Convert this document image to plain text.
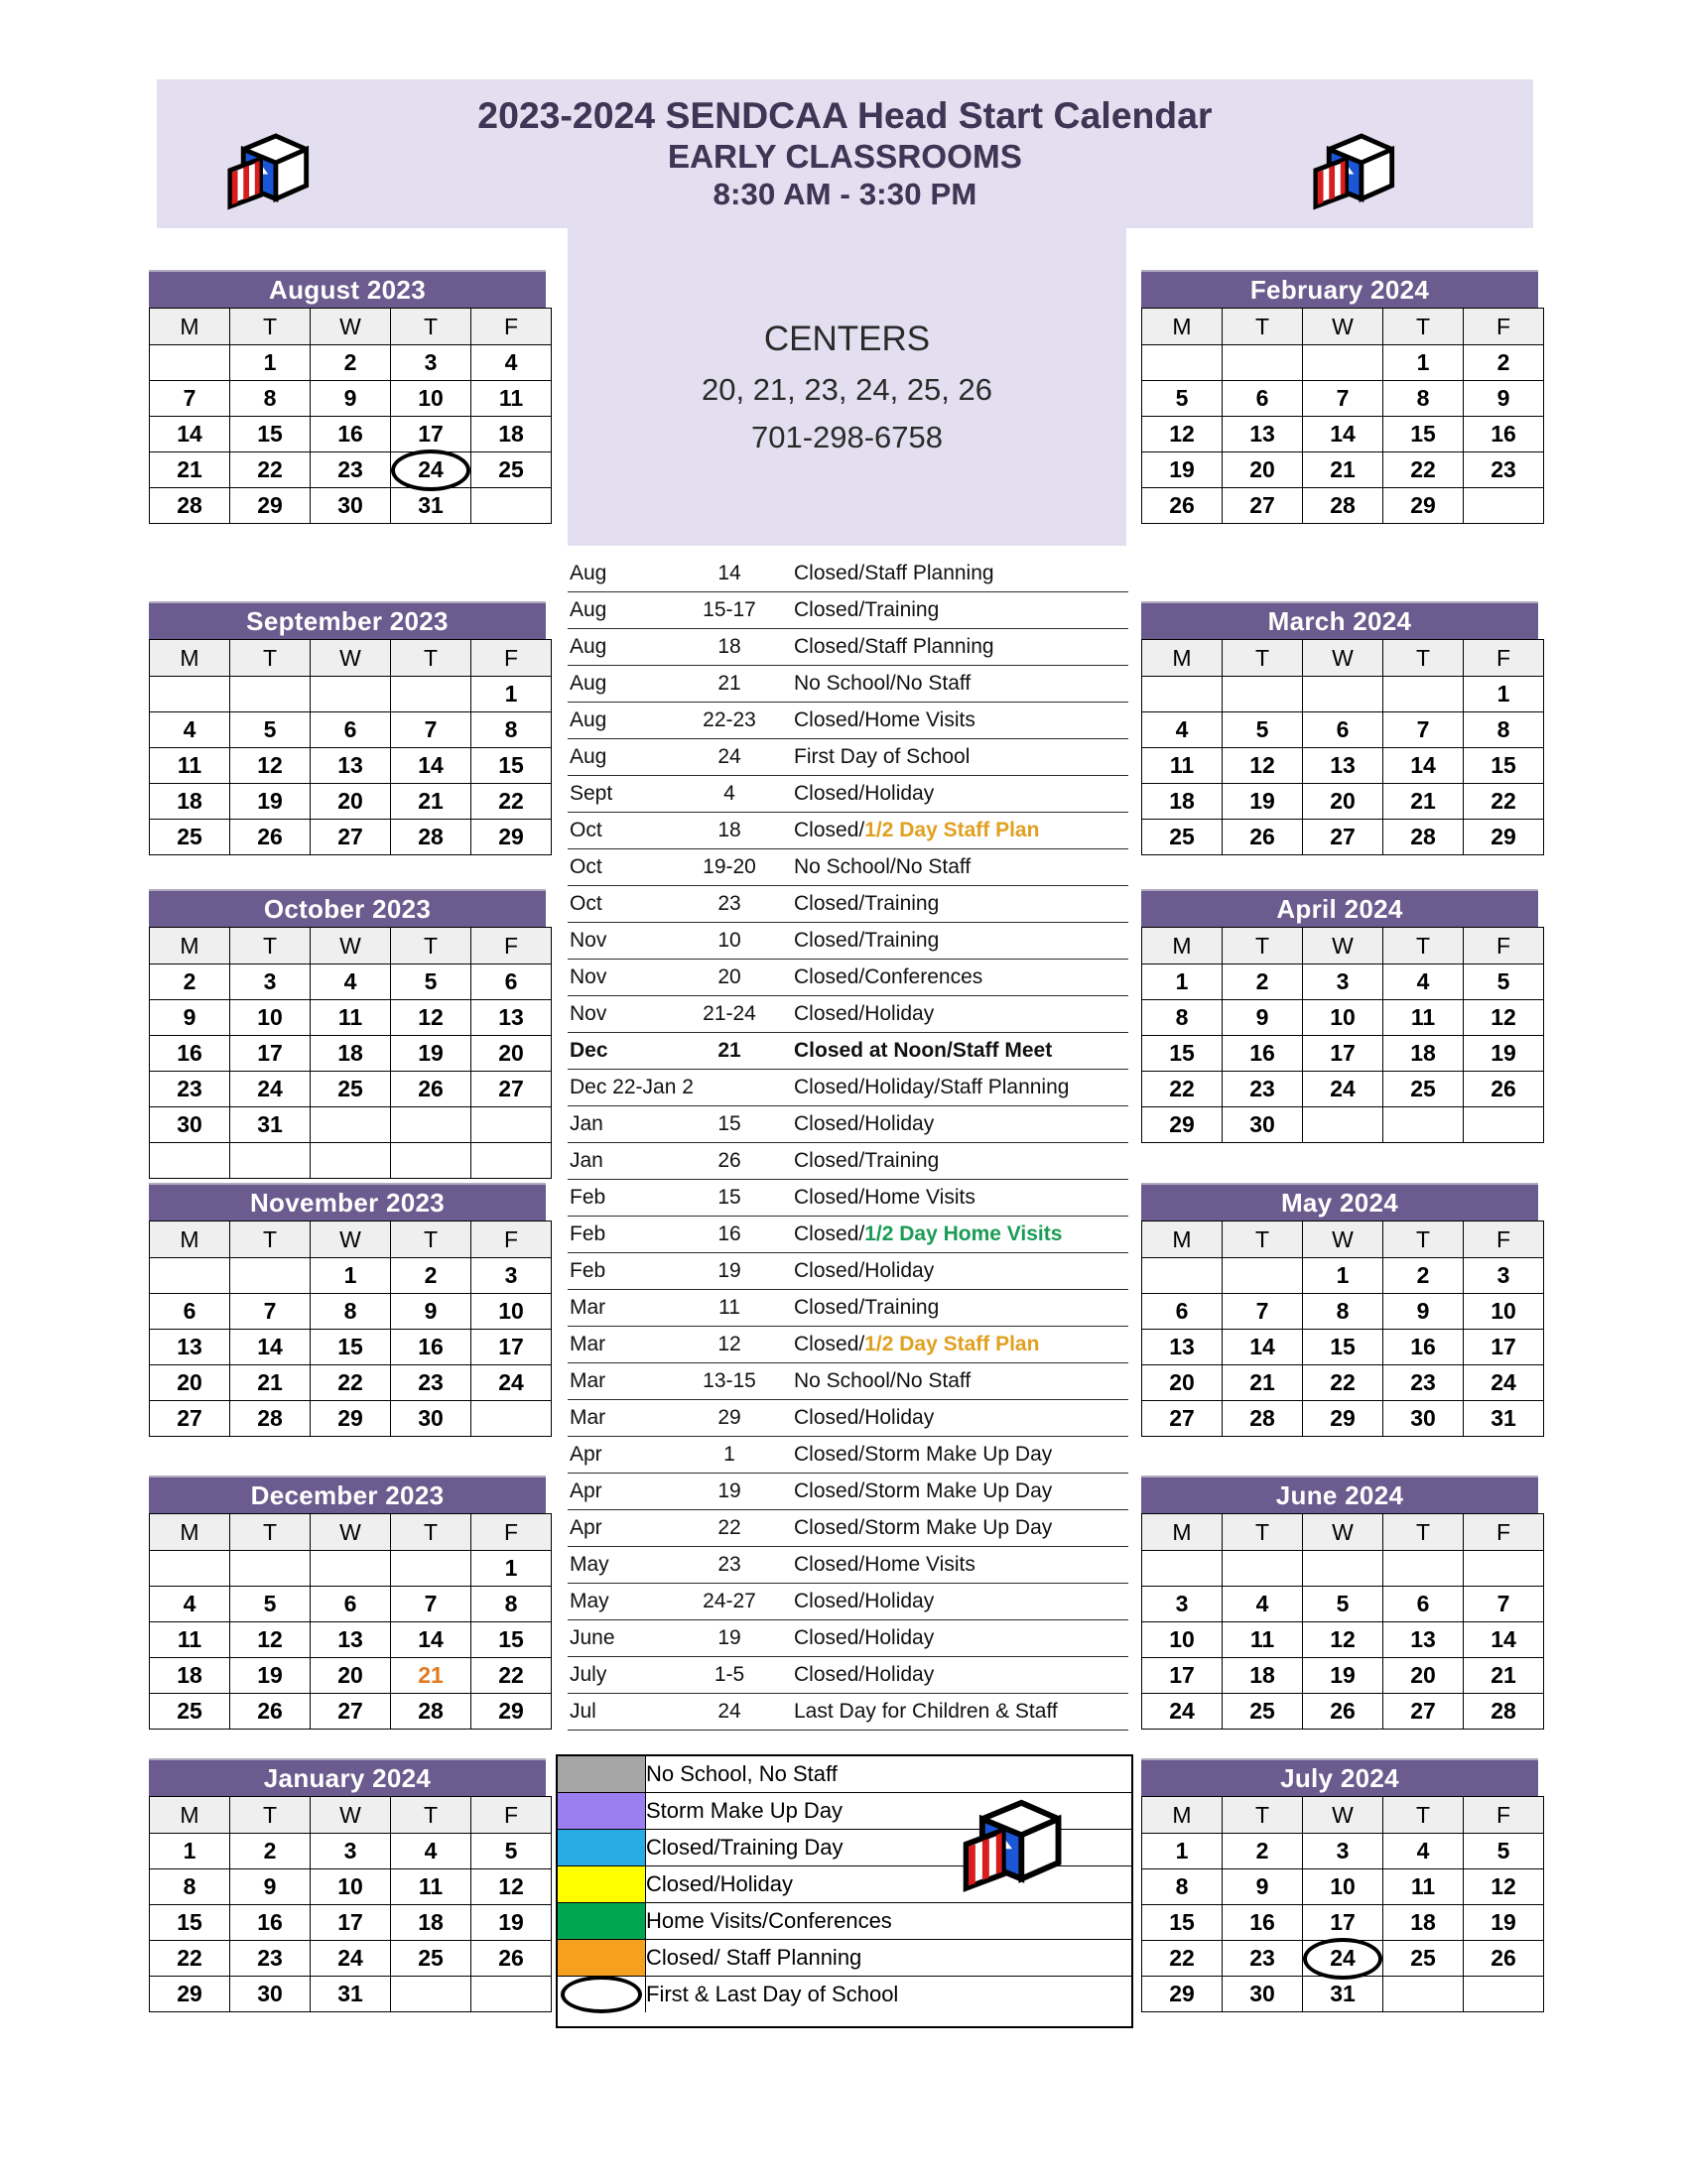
2023-2024 SENDCAA Head Start Calendar
EARLY CLASSROOMS
8:30 AM - 3:30 PM
CENTERS
20, 21, 23, 24, 25, 26
701-298-6758
August 2023
M	T	W	T	F
	1	2	3	4
7	8	9	10	11
14	15	16	17	18
21	22	23	24	25
28	29	30	31	
September 2023
M	T	W	T	F
				1
4	5	6	7	8
11	12	13	14	15
18	19	20	21	22
25	26	27	28	29
October 2023
M	T	W	T	F
2	3	4	5	6
9	10	11	12	13
16	17	18	19	20
23	24	25	26	27
30	31			

November 2023
M	T	W	T	F
		1	2	3
6	7	8	9	10
13	14	15	16	17
20	21	22	23	24
27	28	29	30	
December 2023
M	T	W	T	F
				1
4	5	6	7	8
11	12	13	14	15
18	19	20	21	22
25	26	27	28	29
January 2024
M	T	W	T	F
1	2	3	4	5
8	9	10	11	12
15	16	17	18	19
22	23	24	25	26
29	30	31		
February 2024
M	T	W	T	F
			1	2
5	6	7	8	9
12	13	14	15	16
19	20	21	22	23
26	27	28	29	
March 2024
M	T	W	T	F
				1
4	5	6	7	8
11	12	13	14	15
18	19	20	21	22
25	26	27	28	29
April 2024
M	T	W	T	F
1	2	3	4	5
8	9	10	11	12
15	16	17	18	19
22	23	24	25	26
29	30			
May 2024
M	T	W	T	F
		1	2	3
6	7	8	9	10
13	14	15	16	17
20	21	22	23	24
27	28	29	30	31
June 2024
M	T	W	T	F

3	4	5	6	7
10	11	12	13	14
17	18	19	20	21
24	25	26	27	28
July 2024
M	T	W	T	F
1	2	3	4	5
8	9	10	11	12
15	16	17	18	19
22	23	24	25	26
29	30	31		
Aug	14	Closed/Staff Planning
Aug	15-17	Closed/Training
Aug	18	Closed/Staff Planning
Aug	21	No School/No Staff
Aug	22-23	Closed/Home Visits
Aug	24	First Day of School
Sept	4	Closed/Holiday
Oct	18	Closed/1/2 Day Staff Plan
Oct	19-20	No School/No Staff
Oct	23	Closed/Training
Nov	10	Closed/Training
Nov	20	Closed/Conferences
Nov	21-24	Closed/Holiday
Dec	21	Closed at Noon/Staff Meet
Dec 22-Jan 2		Closed/Holiday/Staff Planning
Jan	15	Closed/Holiday
Jan	26	Closed/Training
Feb	15	Closed/Home Visits
Feb	16	Closed/1/2 Day Home Visits
Feb	19	Closed/Holiday
Mar	11	Closed/Training
Mar	12	Closed/1/2 Day Staff Plan
Mar	13-15	No School/No Staff
Mar	29	Closed/Holiday
Apr	1	Closed/Storm Make Up Day
Apr	19	Closed/Storm Make Up Day
Apr	22	Closed/Storm Make Up Day
May	23	Closed/Home Visits
May	24-27	Closed/Holiday
June	19	Closed/Holiday
July	1-5	Closed/Holiday
Jul	24	Last Day for Children & Staff
	No School, No Staff

	Storm Make Up Day

	Closed/Training Day

	Closed/Holiday

	Home Visits/Conferences

	Closed/ Staff Planning

	First & Last Day of School
